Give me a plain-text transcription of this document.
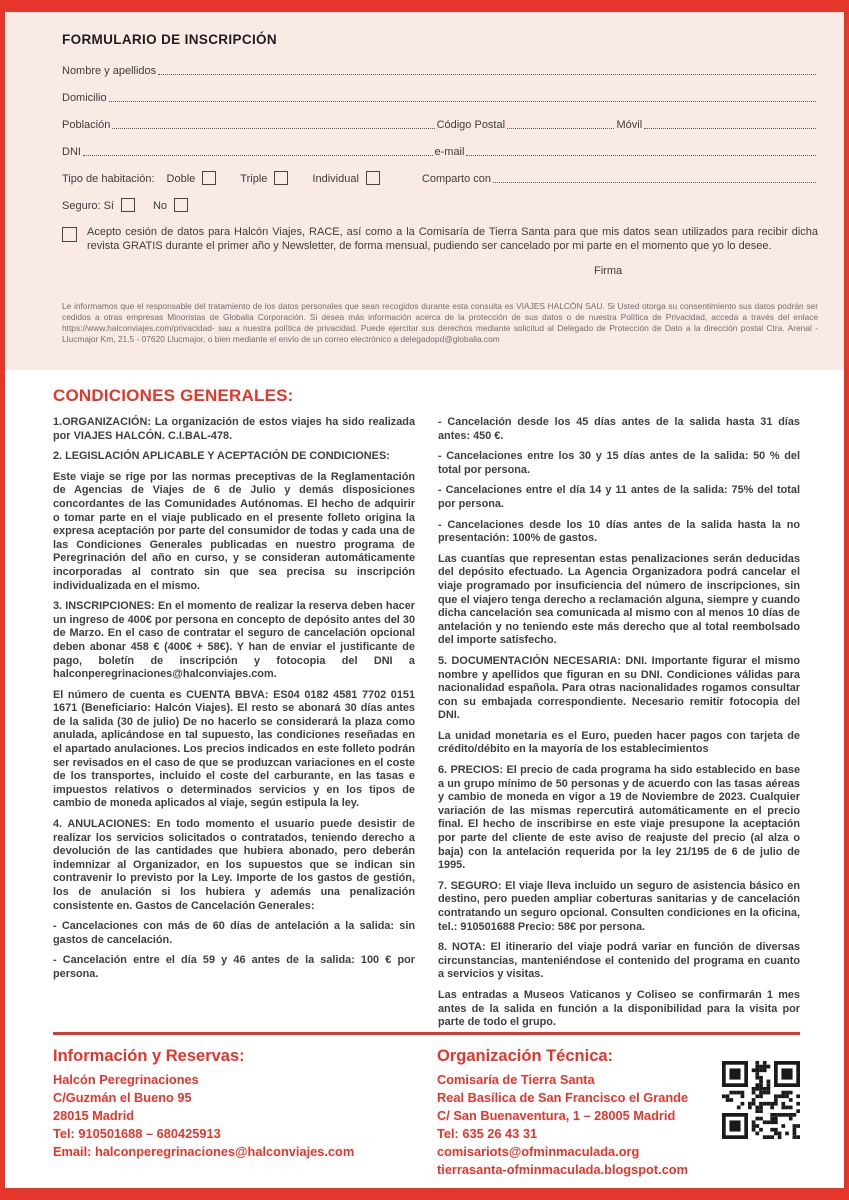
FORMULARIO DE INSCRIPCIÓN
Nombre y apellidos
Domicilio
Población	Código Postal	Móvil
DNI	e-mail
Tipo de habitación: Doble	Triple	Individual	Comparto con
Seguro: Sí	No
Acepto cesión de datos para Halcón Viajes, RACE, así como a la Comisaría de Tierra Santa para que mis datos sean utilizados para recibir dicha revista GRATIS durante el primer año y Newsletter, de forma mensual, pudiendo ser cancelado por mi parte en el momento que yo lo desee.
Firma

Le informamos que el responsable del tratamiento de los datos personales que sean recogidos durante esta consulta es VIAJES HALCÓN SAU. Si Usted otorga su consentimiento sus datos podrán ser cedidos a otras empresas Minoristas de Globalia Corporación. Si desea más información acerca de la protección de sus datos o de nuestra Política de Privacidad, acceda a través del enlace https://www.halconviajes.com/privacidad- sau a nuestra política de privacidad. Puede ejercitar sus derechos mediante solicitud al Delegado de Protección de Dato a la dirección postal Ctra. Arenal - Llucmajor Km, 21.5 - 07620 Llucmajor, o bien mediante el envío de un correo electrónico a delegadopd@globalia.com

CONDICIONES GENERALES:

1.ORGANIZACIÓN: La organización de estos viajes ha sido realizada por VIAJES HALCÓN. C.I.BAL-478.

2. LEGISLACIÓN APLICABLE Y ACEPTACIÓN DE CONDICIONES:

Este viaje se rige por las normas preceptivas de la Reglamentación de Agencias de Viajes de 6 de Julio y demás disposiciones concordantes de las Comunidades Autónomas. El hecho de adquirir o tomar parte en el viaje publicado en el presente folleto origina la expresa aceptación por parte del consumidor de todas y cada una de las Condiciones Generales publicadas en nuestro programa de Peregrinación del año en curso, y se consideran automáticamente incorporadas al contrato sin que sea precisa su inscripción individualizada en el mismo.

3. INSCRIPCIONES: En el momento de realizar la reserva deben hacer un ingreso de 400€ por persona en concepto de depósito antes del 30 de Marzo. En el caso de contratar el seguro de cancelación opcional deben abonar 458 € (400€ + 58€). Y han de enviar el justificante de pago, boletín de inscripción y fotocopia del DNI a halconperegrinaciones@halconviajes.com.

El número de cuenta es CUENTA BBVA: ES04 0182 4581 7702 0151 1671 (Beneficiario: Halcón Viajes). El resto se abonará 30 días antes de la salida (30 de julio) De no hacerlo se considerará la plaza como anulada, aplicándose en tal supuesto, las condiciones reseñadas en el apartado anulaciones. Los precios indicados en este folleto podrán ser revisados en el caso de que se produzcan variaciones en el coste de los transportes, incluido el coste del carburante, en las tasas e impuestos relativos o determinados servicios y en los tipos de cambio de moneda aplicados al viaje, según estipula la ley.

4. ANULACIONES: En todo momento el usuario puede desistir de realizar los servicios solicitados o contratados, teniendo derecho a devolución de las cantidades que hubiera abonado, pero deberán indemnizar al Organizador, en los supuestos que se indican sin contravenir lo previsto por la Ley. Importe de los gastos de gestión, los de anulación si los hubiera y además una penalización consistente en. Gastos de Cancelación Generales:

- Cancelaciones con más de 60 días de antelación a la salida: sin gastos de cancelación.

- Cancelación entre el día 59 y 46 antes de la salida: 100 € por persona.

- Cancelación desde los 45 días antes de la salida hasta 31 días antes: 450 €.

- Cancelaciones entre los 30 y 15 días antes de la salida: 50 % del total por persona.

- Cancelaciones entre el día 14 y 11 antes de la salida: 75% del total por persona.

- Cancelaciones desde los 10 días antes de la salida hasta la no presentación: 100% de gastos.

Las cuantías que representan estas penalizaciones serán deducidas del depósito efectuado. La Agencia Organizadora podrá cancelar el viaje programado por insuficiencia del número de inscripciones, sin que el viajero tenga derecho a reclamación alguna, siempre y cuando dicha cancelación sea comunicada al mismo con al menos 10 días de antelación y no teniendo este más derecho que al total reembolsado del importe satisfecho.

5. DOCUMENTACIÓN NECESARIA: DNI. Importante figurar el mismo nombre y apellidos que figuran en su DNI. Condiciones válidas para nacionalidad española. Para otras nacionalidades rogamos consultar con su embajada correspondiente. Necesario remitir fotocopia del DNI.

La unidad monetaria es el Euro, pueden hacer pagos con tarjeta de crédito/débito en la mayoría de los establecimientos

6. PRECIOS: El precio de cada programa ha sido establecido en base a un grupo mínimo de 50 personas y de acuerdo con las tasas aéreas y cambio de moneda en vigor a 19 de Noviembre de 2023. Cualquier variación de las mismas repercutirá automáticamente en el precio final. El hecho de inscribirse en este viaje presupone la aceptación por parte del cliente de este aviso de reajuste del precio (al alza o baja) con la antelación requerida por la ley 21/195 de 6 de julio de 1995.

7. SEGURO: El viaje lleva incluido un seguro de asistencia básico en destino, pero pueden ampliar coberturas sanitarias y de cancelación contratando un seguro opcional. Consulten condiciones en la oficina, tel.: 910501688 Precio: 58€ por persona.

8. NOTA: El itinerario del viaje podrá variar en función de diversas circunstancias, manteniéndose el contenido del programa en cuanto a servicios y visitas.

Las entradas a Museos Vaticanos y Coliseo se confirmarán 1 mes antes de la salida en función a la disponibilidad para la visita por parte de todo el grupo.

Información y Reservas:
Halcón Peregrinaciones
C/Guzmán el Bueno 95
28015 Madrid
Tel: 910501688 – 680425913
Email: halconperegrinaciones@halconviajes.com
Organización Técnica:
Comisaría de Tierra Santa
Real Basílica de San Francisco el Grande
C/ San Buenaventura, 1 – 28005 Madrid
Tel: 635 26 43 31
comisariots@ofminmaculada.org
tierrasanta-ofminmaculada.blogspot.com
